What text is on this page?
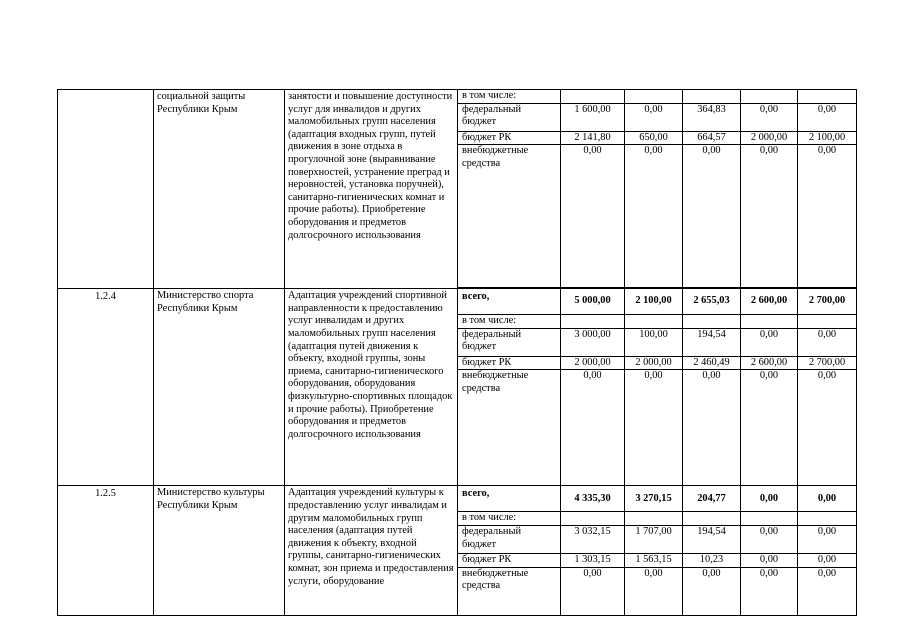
	социальной защиты Республики Крым	занятости и повышение доступности услуг для инвалидов и других маломобильных групп населения (адаптация входных групп, путей движения в зоне отдыха в прогулочной зоне (выравнивание поверхностей, устранение преград и неровностей, установка поручней), санитарно-гигиенических комнат и прочие работы). Приобретение оборудования и предметов долгосрочного использования	в том числе:					
			федеральный бюджет	1 600,00	0,00	364,83	0,00	0,00
			бюджет РК	2 141,80	650,00	664,57	2 000,00	2 100,00
			внебюджетные средства	0,00	0,00	0,00	0,00	0,00

1.2.4	Министерство спорта Республики Крым	Адаптация учреждений спортивной направленности к предоставлению услуг инвалидам и других маломобильных групп населения (адаптация путей движения к объекту, входной группы, зоны приема, санитарно-гигиенического оборудования, оборудования физкультурно-спортивных площадок и прочие работы). Приобретение оборудования и предметов долгосрочного использования	всего,	5 000,00	2 100,00	2 655,03	2 600,00	2 700,00
			в том числе:					
			федеральный бюджет	3 000,00	100,00	194,54	0,00	0,00
			бюджет РК	2 000,00	2 000,00	2 460,49	2 600,00	2 700,00
			внебюджетные средства	0,00	0,00	0,00	0,00	0,00
1.2.5	Министерство культуры Республики Крым	Адаптация учреждений культуры к предоставлению услуг инвалидам и другим маломобильных групп населения (адаптация путей движения к объекту, входной группы, санитарно-гигиенических комнат, зон приема и предоставления услуги, оборудование	всего,	4 335,30	3 270,15	204,77	0,00	0,00
			в том числе:					
			федеральный бюджет	3 032,15	1 707,00	194,54	0,00	0,00
			бюджет РК	1 303,15	1 563,15	10,23	0,00	0,00
			внебюджетные средства	0,00	0,00	0,00	0,00	0,00
